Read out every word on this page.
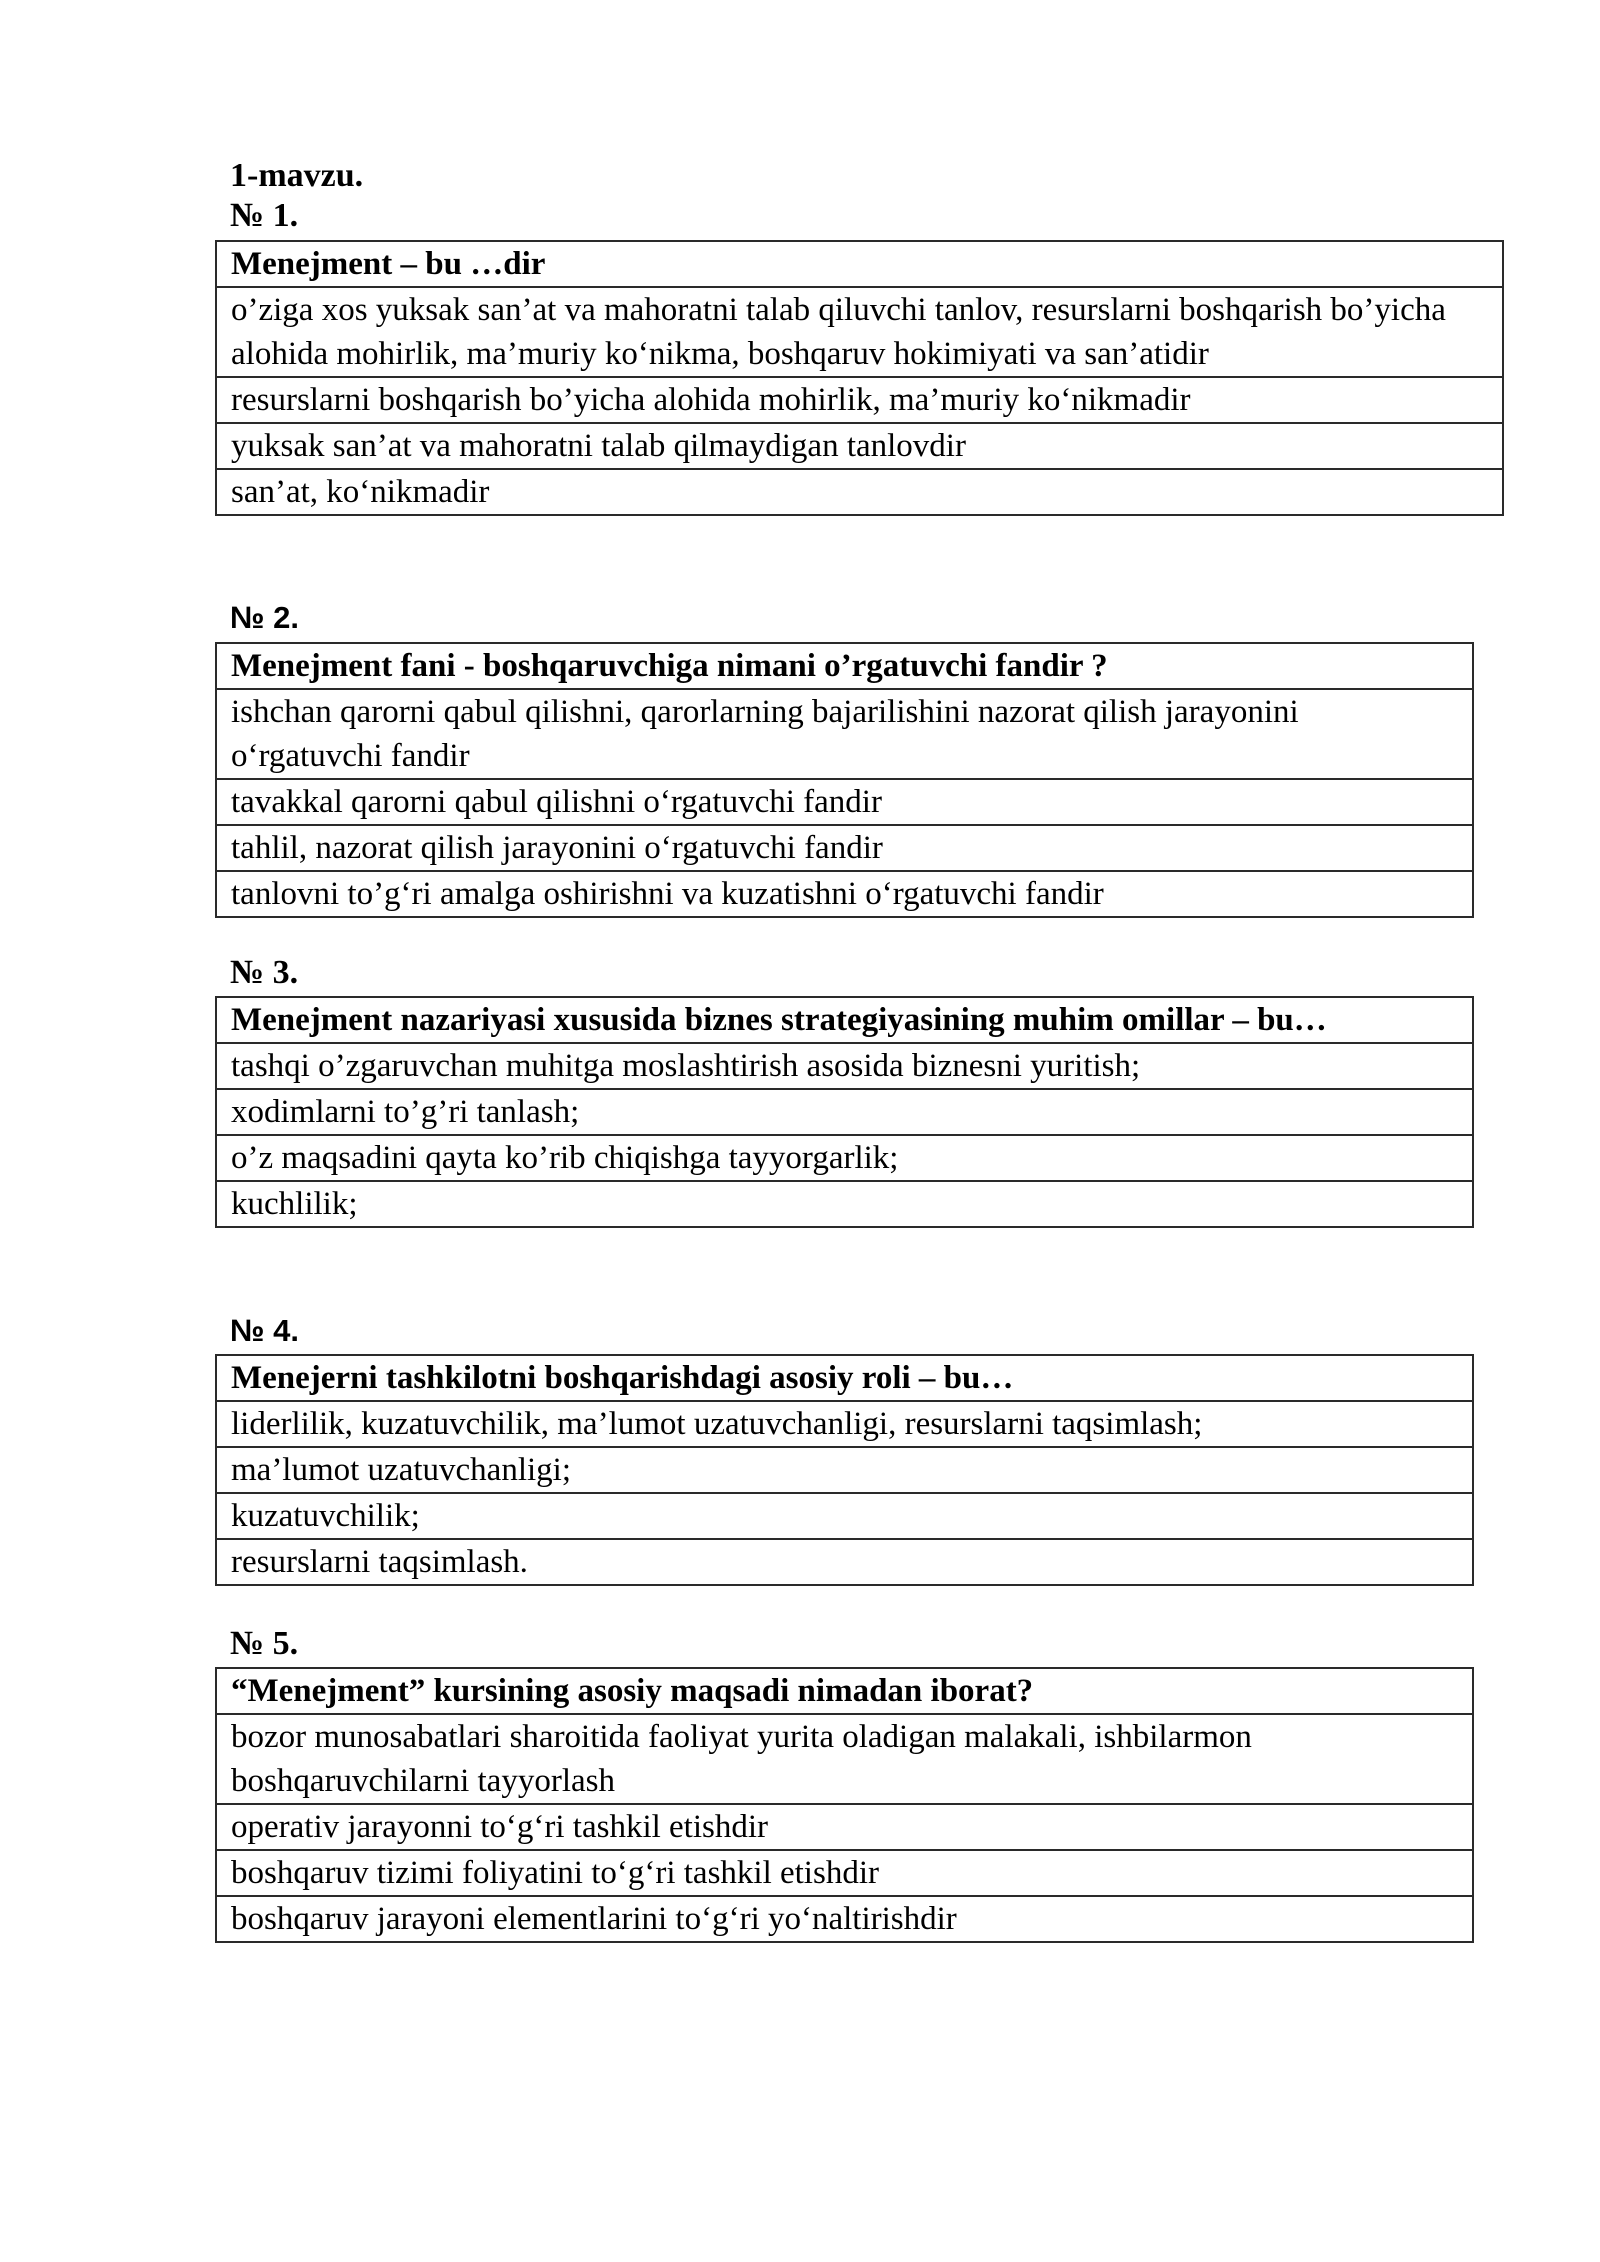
1-mavzu.
№ 1.
Menejment – bu …dir
o’ziga xos yuksak san’at va mahoratni talab qiluvchi tanlov, resurslarni boshqarish bo’yicha alohida mohirlik, ma’muriy ko‘nikma, boshqaruv hokimiyati va san’atidir
resurslarni boshqarish bo’yicha alohida mohirlik, ma’muriy ko‘nikmadir
yuksak san’at va mahoratni talab qilmaydigan tanlovdir
san’at, ko‘nikmadir
№ 2.
Menejment fani - boshqaruvchiga nimani o’rgatuvchi fandir ?
ishchan qarorni qabul qilishni, qarorlarning bajarilishini nazorat qilish jarayonini o‘rgatuvchi fandir
tavakkal qarorni qabul qilishni o‘rgatuvchi fandir
tahlil, nazorat qilish jarayonini o‘rgatuvchi fandir
tanlovni to’g‘ri amalga oshirishni va kuzatishni o‘rgatuvchi fandir
№ 3.
Menejment nazariyasi xususida biznes strategiyasining muhim omillar – bu…
tashqi o’zgaruvchan muhitga moslashtirish asosida biznesni yuritish;
xodimlarni to’g’ri tanlash;
o’z maqsadini qayta ko’rib chiqishga tayyorgarlik;
kuchlilik;
№ 4.
Menejerni tashkilotni boshqarishdagi asosiy roli – bu…
liderlilik, kuzatuvchilik, ma’lumot uzatuvchanligi, resurslarni taqsimlash;
ma’lumot uzatuvchanligi;
kuzatuvchilik;
resurslarni taqsimlash.
№ 5.
“Menejment” kursining asosiy maqsadi nimadan iborat?
bozor munosabatlari sharoitida faoliyat yurita oladigan malakali, ishbilarmon boshqaruvchilarni tayyorlash
operativ jarayonni to‘g‘ri tashkil etishdir
boshqaruv tizimi foliyatini to‘g‘ri tashkil etishdir
boshqaruv jarayoni elementlarini to‘g‘ri yo‘naltirishdir
